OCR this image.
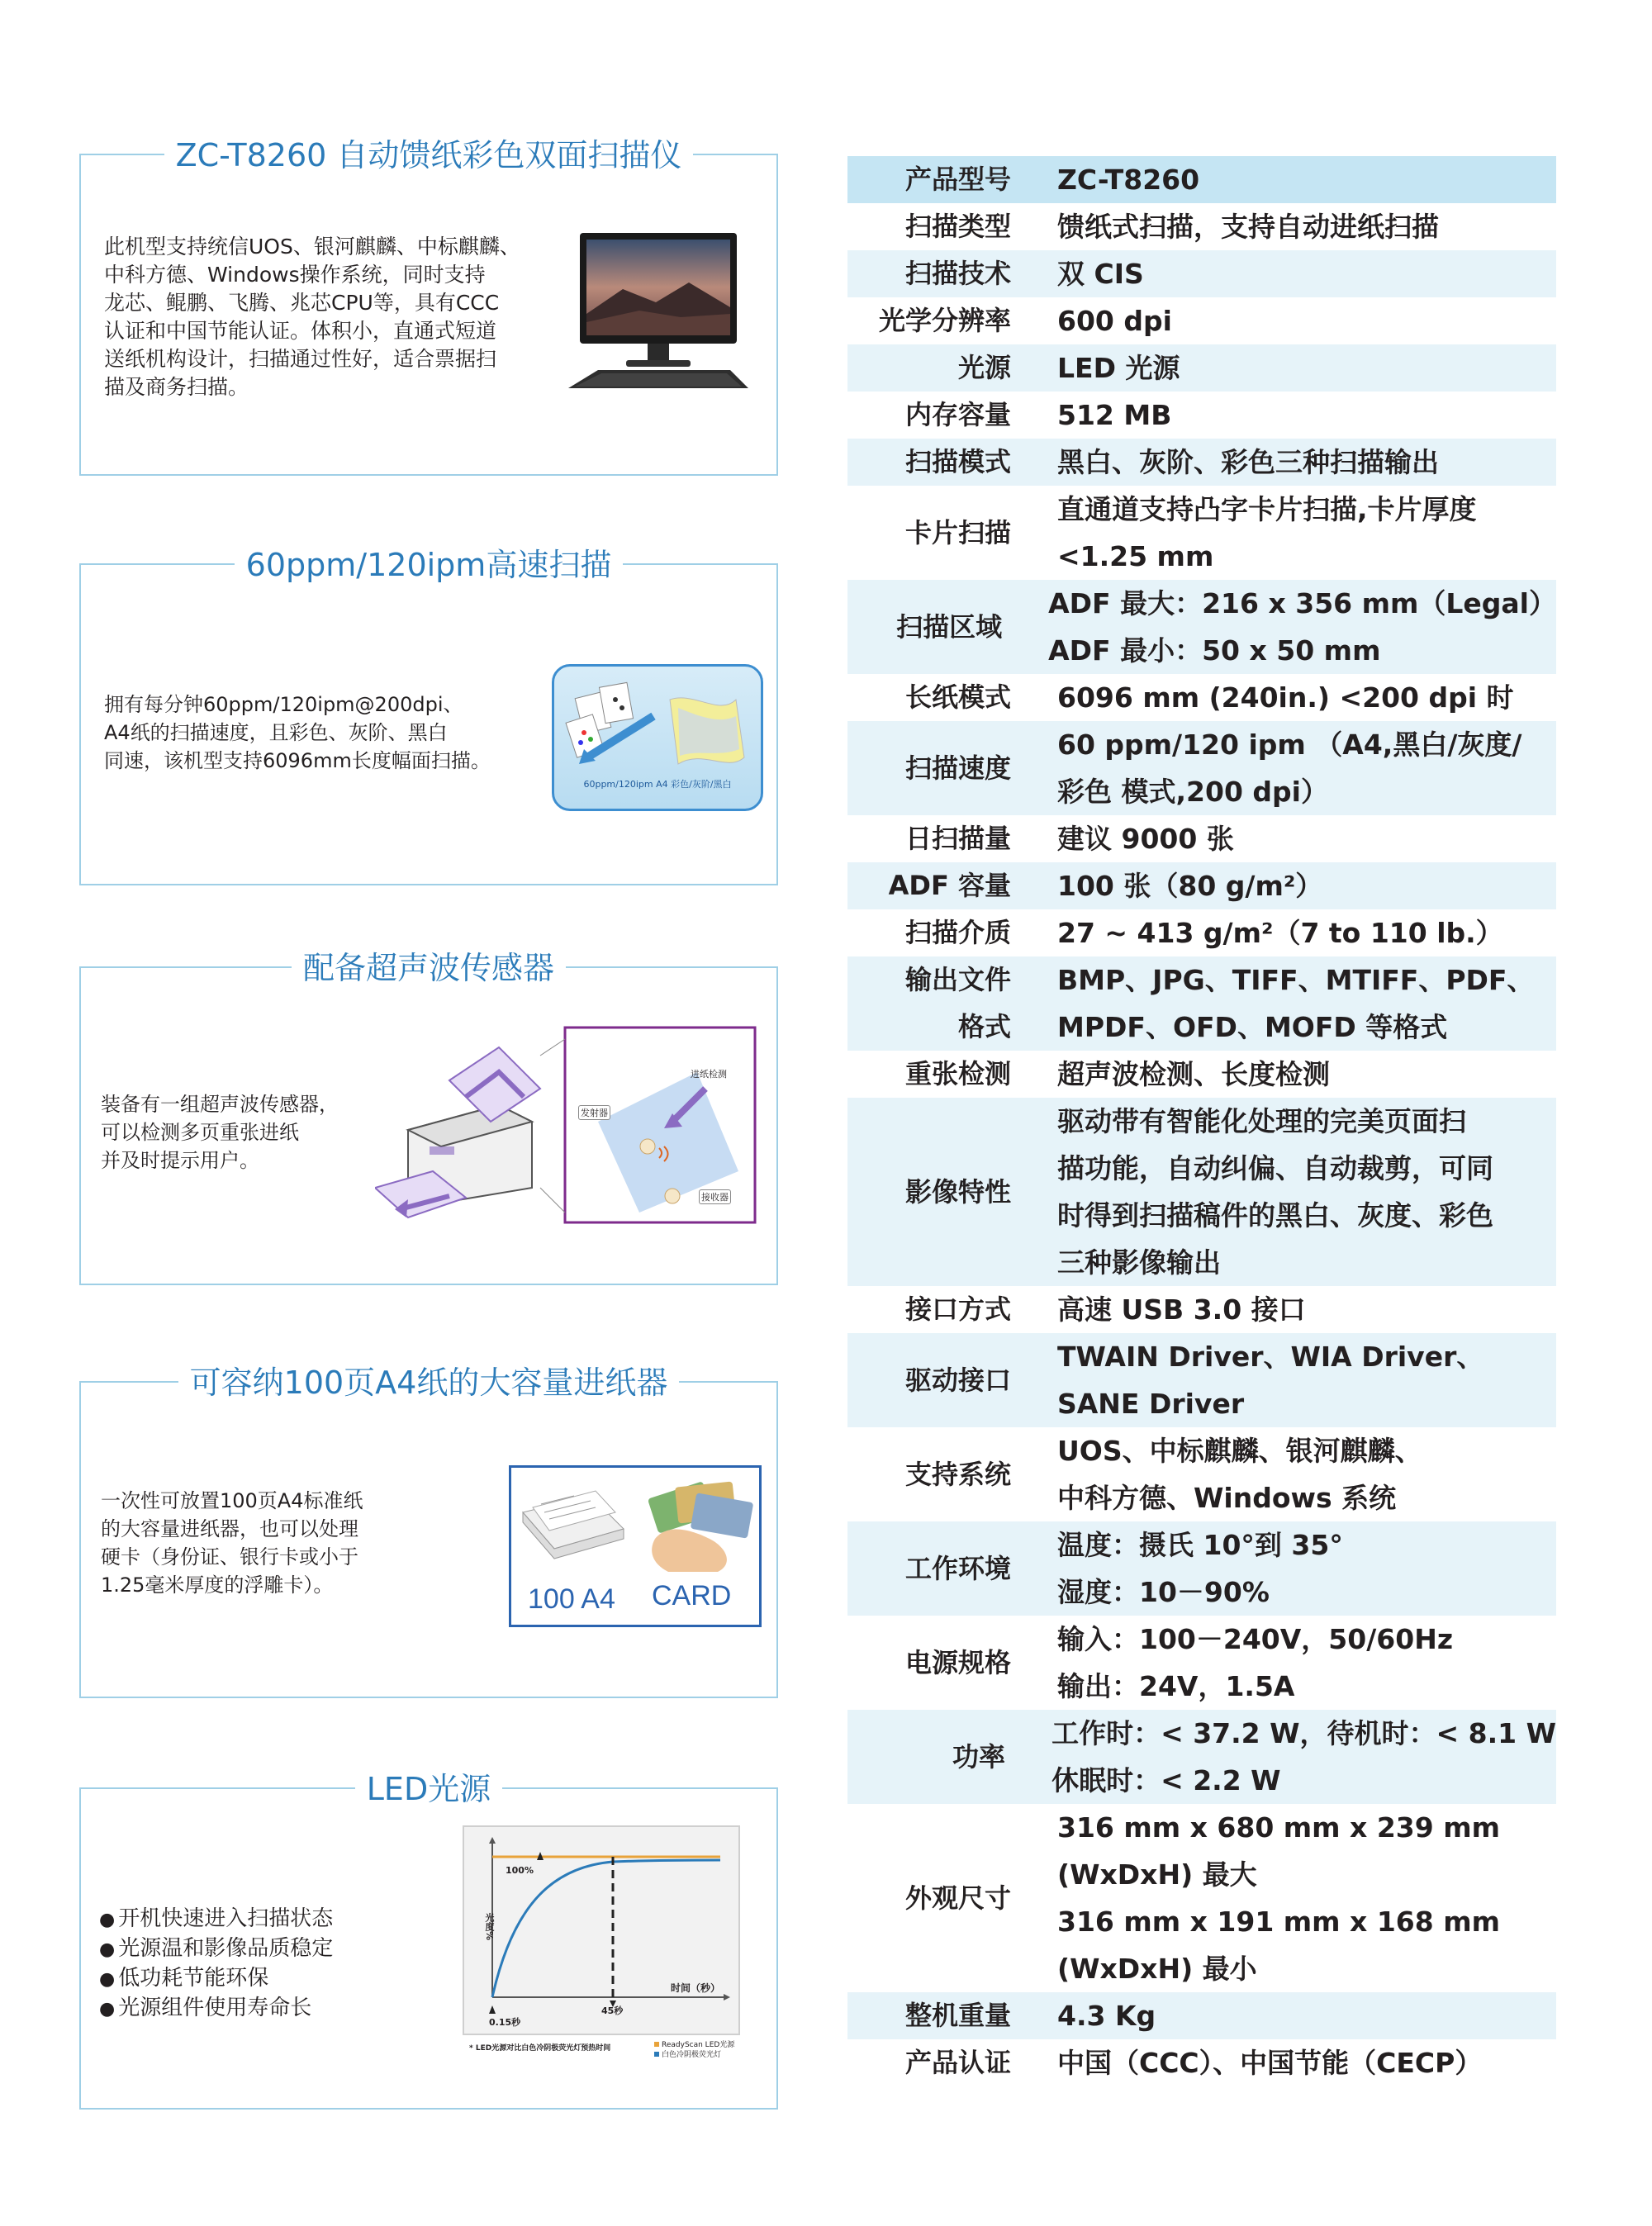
ZC-T8260 自动馈纸彩色双面扫描仪
此机型支持统信UOS、银河麒麟、中标麒麟、
中科方德、Windows操作系统，同时支持
龙芯、鲲鹏、飞腾、兆芯CPU等，具有CCC
认证和中国节能认证。体积小，直通式短道
送纸机构设计，扫描通过性好，适合票据扫
描及商务扫描。
60ppm/120ipm高速扫描
拥有每分钟60ppm/120ipm@200dpi、
A4纸的扫描速度，且彩色、灰阶、黑白
同速，该机型支持6096mm长度幅面扫描。
60ppm/120ipm A4 彩色/灰阶/黑白
配备超声波传感器
装备有一组超声波传感器，
可以检测多页重张进纸
并及时提示用户。
进纸检测
发射器
接收器
可容纳100页A4纸的大容量进纸器
一次性可放置100页A4标准纸
的大容量进纸器，也可以处理
硬卡（身份证、银行卡或小于
1.25毫米厚度的浮雕卡）。	100 A4 CARD
LED光源
● 开机快速进入扫描状态
● 光源温和影像品质稳定
● 低功耗节能环保
● 光源组件使用寿命长
100%
光度%
时间（秒）
45秒
0.15秒
* LED光源对比白色冷阴极荧光灯预热时间	ReadyScan LED光源
白色冷阴极荧光灯
产品型号 ZC-T8260
扫描类型 馈纸式扫描，支持自动进纸扫描
扫描技术 双 CIS
光学分辨率 600 dpi
光源 LED 光源
内存容量 512 MB
扫描模式 黑白、灰阶、彩色三种扫描输出
卡片扫描
直通道支持凸字卡片扫描,卡片厚度
<1.25 mm
扫描区域
ADF 最大：216 x 356 mm（Legal）
ADF 最小：50 x 50 mm
长纸模式 6096 mm (240in.) <200 dpi 时
扫描速度
60 ppm/120 ipm （A4,黑白/灰度/
彩色 模式,200 dpi）
日扫描量 建议 9000 张
ADF 容量 100 张（80 g/m²）
扫描介质 27 ~ 413 g/m²（7 to 110 lb.）
输出文件
格式
BMP、JPG、TIFF、MTIFF、PDF、
MPDF、OFD、MOFD 等格式
重张检测 超声波检测、长度检测
影像特性
驱动带有智能化处理的完美页面扫
描功能，自动纠偏、自动裁剪，可同
时得到扫描稿件的黑白、灰度、彩色
三种影像输出
接口方式 高速 USB 3.0 接口
驱动接口
TWAIN Driver、WIA Driver、
SANE Driver
支持系统
UOS、中标麒麟、银河麒麟、
中科方德、Windows 系统
工作环境
温度：摄氏 10°到 35°
湿度：10－90%
电源规格
输入：100－240V，50/60Hz
输出：24V，1.5A
功率
工作时：< 37.2 W，待机时：< 8.1 W
休眠时：< 2.2 W
外观尺寸
316 mm x 680 mm x 239 mm
(WxDxH) 最大
316 mm x 191 mm x 168 mm
(WxDxH) 最小
整机重量 4.3 Kg
产品认证 中国（CCC）、中国节能（CECP）
